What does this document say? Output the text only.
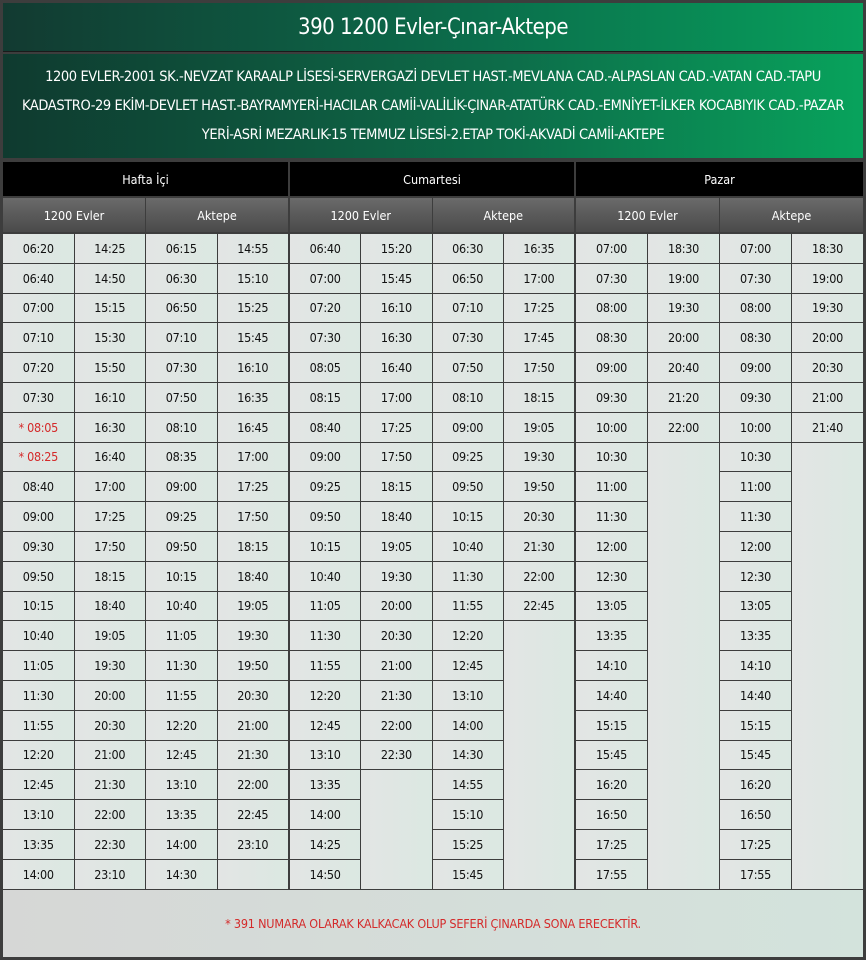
390 1200 Evler-Çınar-Aktepe
1200 EVLER-2001 SK.-NEVZAT KARAALP LİSESİ-SERVERGAZİ DEVLET HAST.-MEVLANA CAD.-ALPASLAN CAD.-VATAN CAD.-TAPU KADASTRO-29 EKİM-DEVLET HAST.-BAYRAMYERİ-HACILAR CAMİİ-VALİLİK-ÇINAR-ATATÜRK CAD.-EMNİYET-İLKER KOCABIYIK CAD.-PAZAR YERİ-ASRİ MEZARLIK-15 TEMMUZ LİSESİ-2.ETAP TOKİ-AKVADİ CAMİİ-AKTEPE
Hafta İçi
1200 Evler
06:20
06:40
07:00
07:10
07:20
07:30
* 08:05
* 08:25
08:40
09:00
09:30
09:50
10:15
10:40
11:05
11:30
11:55
12:20
12:45
13:10
13:35
14:00
14:25
14:50
15:15
15:30
15:50
16:10
16:30
16:40
17:00
17:25
17:50
18:15
18:40
19:05
19:30
20:00
20:30
21:00
21:30
22:00
22:30
23:10
Aktepe
06:15
06:30
06:50
07:10
07:30
07:50
08:10
08:35
09:00
09:25
09:50
10:15
10:40
11:05
11:30
11:55
12:20
12:45
13:10
13:35
14:00
14:30
14:55
15:10
15:25
15:45
16:10
16:35
16:45
17:00
17:25
17:50
18:15
18:40
19:05
19:30
19:50
20:30
21:00
21:30
22:00
22:45
23:10
Cumartesi
1200 Evler
06:40
07:00
07:20
07:30
08:05
08:15
08:40
09:00
09:25
09:50
10:15
10:40
11:05
11:30
11:55
12:20
12:45
13:10
13:35
14:00
14:25
14:50
15:20
15:45
16:10
16:30
16:40
17:00
17:25
17:50
18:15
18:40
19:05
19:30
20:00
20:30
21:00
21:30
22:00
22:30
Aktepe
06:30
06:50
07:10
07:30
07:50
08:10
09:00
09:25
09:50
10:15
10:40
11:30
11:55
12:20
12:45
13:10
14:00
14:30
14:55
15:10
15:25
15:45
16:35
17:00
17:25
17:45
17:50
18:15
19:05
19:30
19:50
20:30
21:30
22:00
22:45
Pazar
1200 Evler
07:00
07:30
08:00
08:30
09:00
09:30
10:00
10:30
11:00
11:30
12:00
12:30
13:05
13:35
14:10
14:40
15:15
15:45
16:20
16:50
17:25
17:55
18:30
19:00
19:30
20:00
20:40
21:20
22:00
Aktepe
07:00
07:30
08:00
08:30
09:00
09:30
10:00
10:30
11:00
11:30
12:00
12:30
13:05
13:35
14:10
14:40
15:15
15:45
16:20
16:50
17:25
17:55
18:30
19:00
19:30
20:00
20:30
21:00
21:40
* 391 NUMARA OLARAK KALKACAK OLUP SEFERİ ÇINARDA SONA ERECEKTİR.
